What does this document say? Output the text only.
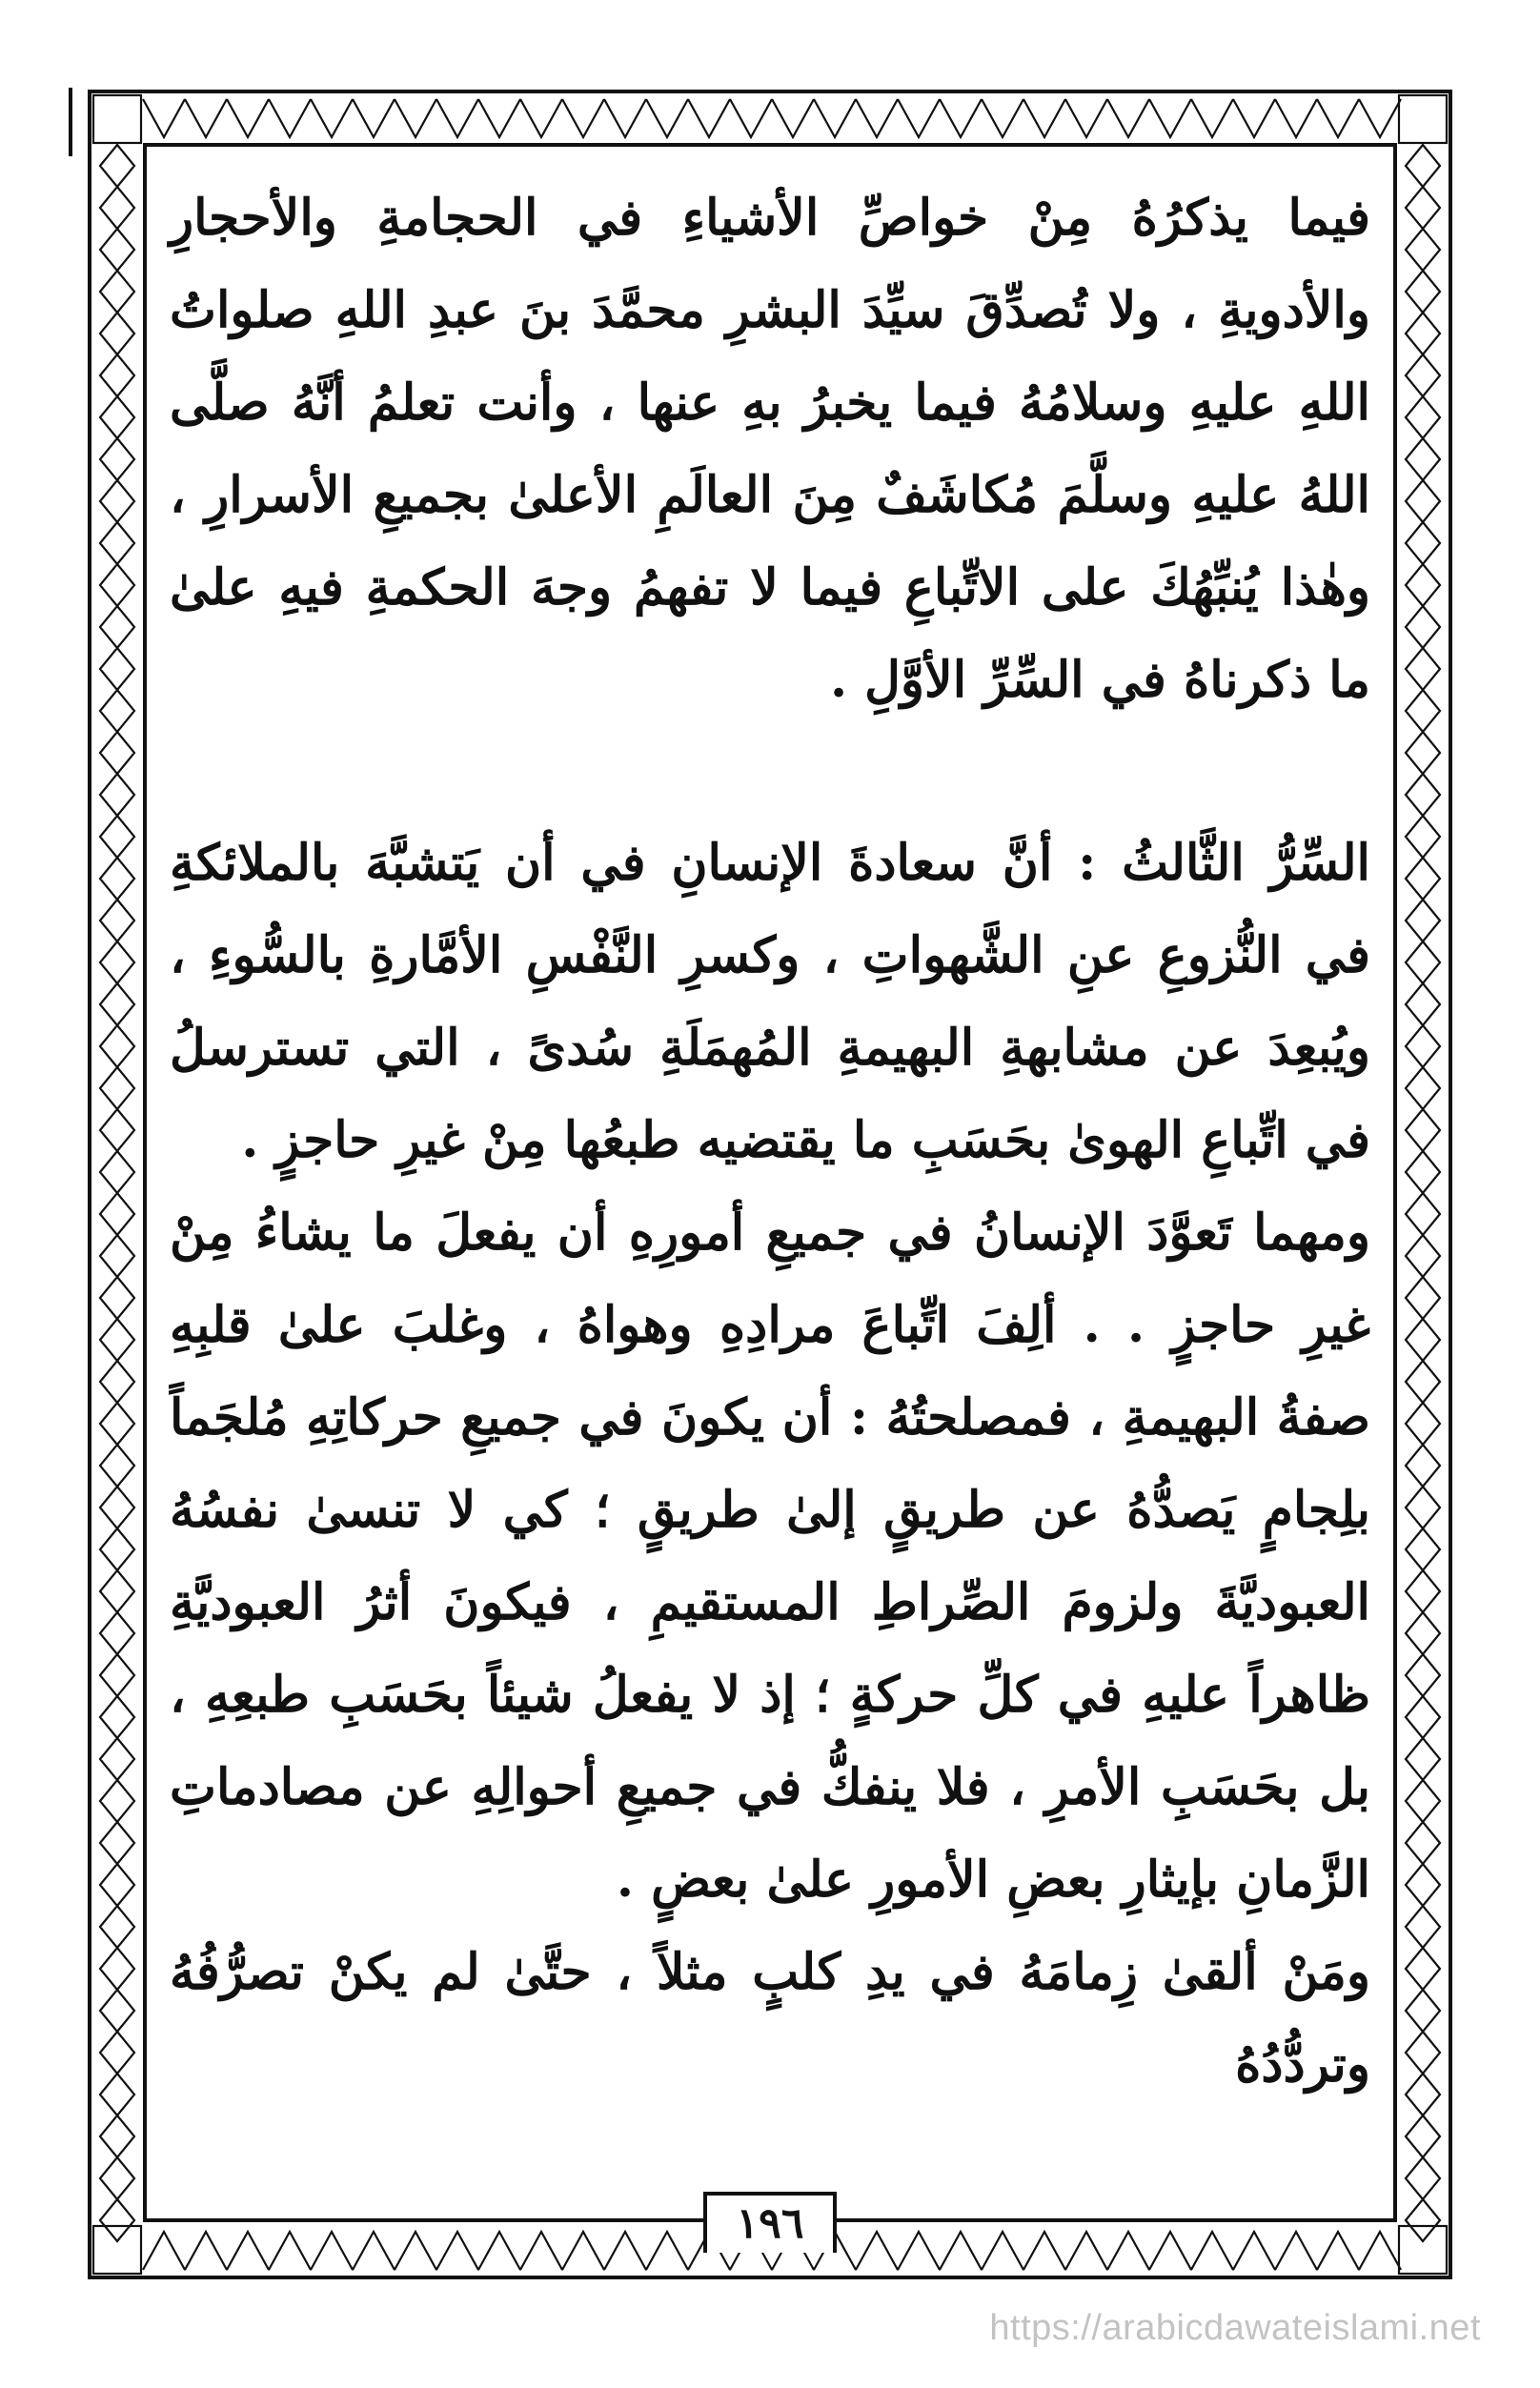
فيما يذكرُهُ مِنْ خواصِّ الأشياءِ في الحجامةِ والأحجارِ والأدويةِ ، ولا تُصدِّقَ سيِّدَ البشرِ محمَّدَ بنَ عبدِ اللهِ صلواتُ اللهِ عليهِ وسلامُهُ فيما يخبرُ بهِ عنها ، وأنت تعلمُ أنَّهُ صلَّى اللهُ عليهِ وسلَّمَ مُكاشَفٌ مِنَ العالَمِ الأعلىٰ بجميعِ الأسرارِ ، وهٰذا يُنبِّهُكَ على الاتِّباعِ فيما لا تفهمُ وجهَ الحكمةِ فيهِ علىٰ ما ذكرناهُ في السِّرِّ الأوَّلِ .

السِّرُّ الثَّالثُ : أنَّ سعادةَ الإنسانِ في أن يَتشبَّهَ بالملائكةِ في النُّزوعِ عنِ الشَّهواتِ ، وكسرِ النَّفْسِ الأمَّارةِ بالسُّوءِ ، ويُبعِدَ عن مشابهةِ البهيمةِ المُهمَلَةِ سُدىً ، التي تسترسلُ في اتِّباعِ الهوىٰ بحَسَبِ ما يقتضيه طبعُها مِنْ غيرِ حاجزٍ .

ومهما تَعوَّدَ الإنسانُ في جميعِ أمورِهِ أن يفعلَ ما يشاءُ مِنْ غيرِ حاجزٍ . . ألِفَ اتِّباعَ مرادِهِ وهواهُ ، وغلبَ علىٰ قلبِهِ صفةُ البهيمةِ ، فمصلحتُهُ : أن يكونَ في جميعِ حركاتِهِ مُلجَماً بلِجامٍ يَصدُّهُ عن طريقٍ إلىٰ طريقٍ ؛ كي لا تنسىٰ نفسُهُ العبوديَّةَ ولزومَ الصِّراطِ المستقيمِ ، فيكونَ أثرُ العبوديَّةِ ظاهراً عليهِ في كلِّ حركةٍ ؛ إذ لا يفعلُ شيئاً بحَسَبِ طبعِهِ ، بل بحَسَبِ الأمرِ ، فلا ينفكُّ في جميعِ أحوالِهِ عن مصادماتِ الزَّمانِ بإيثارِ بعضِ الأمورِ علىٰ بعضٍ .

ومَنْ ألقىٰ زِمامَهُ في يدِ كلبٍ مثلاً ، حتَّىٰ لم يكنْ تصرُّفُهُ وتردُّدُهُ

١٩٦
https://arabicdawateislami.net
